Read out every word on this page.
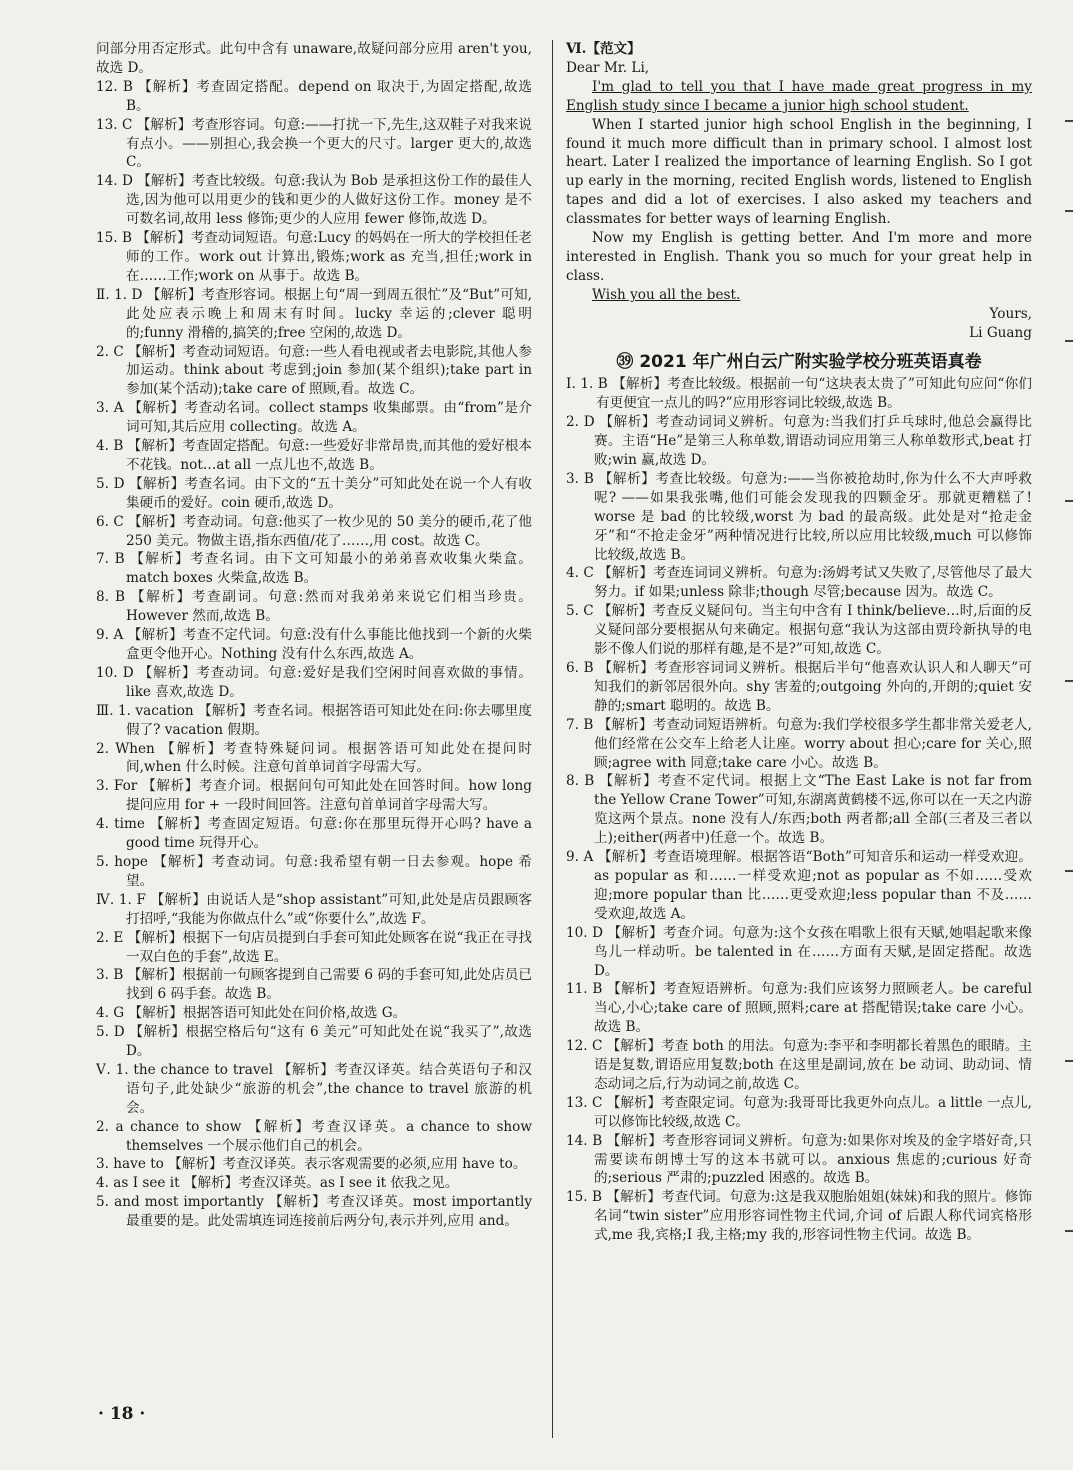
问部分用否定形式。此句中含有 unaware,故疑问部分应用 aren't you,故选 D。

12. B 【解析】考查固定搭配。depend on 取决于,为固定搭配,故选 B。

13. C 【解析】考查形容词。句意:——打扰一下,先生,这双鞋子对我来说有点小。——别担心,我会换一个更大的尺寸。larger 更大的,故选 C。

14. D 【解析】考查比较级。句意:我认为 Bob 是承担这份工作的最佳人选,因为他可以用更少的钱和更少的人做好这份工作。money 是不可数名词,故用 less 修饰;更少的人应用 fewer 修饰,故选 D。

15. B 【解析】考查动词短语。句意:Lucy 的妈妈在一所大的学校担任老师的工作。work out 计算出,锻炼;work as 充当,担任;work in 在……工作;work on 从事于。故选 B。

Ⅱ. 1. D 【解析】考查形容词。根据上句“周一到周五很忙”及“But”可知,此处应表示晚上和周末有时间。lucky 幸运的;clever 聪明的;funny 滑稽的,搞笑的;free 空闲的,故选 D。

2. C 【解析】考查动词短语。句意:一些人看电视或者去电影院,其他人参加运动。think about 考虑到;join 参加(某个组织);take part in 参加(某个活动);take care of 照顾,看。故选 C。

3. A 【解析】考查动名词。collect stamps 收集邮票。由“from”是介词可知,其后应用 collecting。故选 A。

4. B 【解析】考查固定搭配。句意:一些爱好非常昂贵,而其他的爱好根本不花钱。not…at all 一点儿也不,故选 B。

5. D 【解析】考查名词。由下文的“五十美分”可知此处在说一个人有收集硬币的爱好。coin 硬币,故选 D。

6. C 【解析】考查动词。句意:他买了一枚少见的 50 美分的硬币,花了他 250 美元。物做主语,指东西值/花了……,用 cost。故选 C。

7. B 【解析】考查名词。由下文可知最小的弟弟喜欢收集火柴盒。match boxes 火柴盒,故选 B。

8. B 【解析】考查副词。句意:然而对我弟弟来说它们相当珍贵。However 然而,故选 B。

9. A 【解析】考查不定代词。句意:没有什么事能比他找到一个新的火柴盒更令他开心。Nothing 没有什么东西,故选 A。

10. D 【解析】考查动词。句意:爱好是我们空闲时间喜欢做的事情。like 喜欢,故选 D。

Ⅲ. 1. vacation 【解析】考查名词。根据答语可知此处在问:你去哪里度假了? vacation 假期。

2. When 【解析】考查特殊疑问词。根据答语可知此处在提问时间,when 什么时候。注意句首单词首字母需大写。

3. For 【解析】考查介词。根据问句可知此处在回答时间。how long 提问应用 for + 一段时间回答。注意句首单词首字母需大写。

4. time 【解析】考查固定短语。句意:你在那里玩得开心吗? have a good time 玩得开心。

5. hope 【解析】考查动词。句意:我希望有朝一日去参观。hope 希望。

Ⅳ. 1. F 【解析】由说话人是“shop assistant”可知,此处是店员跟顾客打招呼,“我能为你做点什么”或“你要什么”,故选 F。

2. E 【解析】根据下一句店员提到白手套可知此处顾客在说“我正在寻找一双白色的手套”,故选 E。

3. B 【解析】根据前一句顾客提到自己需要 6 码的手套可知,此处店员已找到 6 码手套。故选 B。

4. G 【解析】根据答语可知此处在问价格,故选 G。

5. D 【解析】根据空格后句“这有 6 美元”可知此处在说“我买了”,故选 D。

Ⅴ. 1. the chance to travel 【解析】考查汉译英。结合英语句子和汉语句子,此处缺少“旅游的机会”,the chance to travel 旅游的机会。

2. a chance to show 【解析】考查汉译英。a chance to show themselves 一个展示他们自己的机会。

3. have to 【解析】考查汉译英。表示客观需要的必须,应用 have to。

4. as I see it 【解析】考查汉译英。as I see it 依我之见。

5. and most importantly 【解析】考查汉译英。most importantly 最重要的是。此处需填连词连接前后两分句,表示并列,应用 and。

Ⅵ.【范文】

Dear Mr. Li,

I'm glad to tell you that I have made great progress in my English study since I became a junior high school student.

When I started junior high school English in the beginning, I found it much more difficult than in primary school. I almost lost heart. Later I realized the importance of learning English. So I got up early in the morning, recited English words, listened to English tapes and did a lot of exercises. I also asked my teachers and classmates for better ways of learning English.

Now my English is getting better. And I'm more and more interested in English. Thank you so much for your great help in class.

Wish you all the best.

Yours,

Li Guang

㊴ 2021 年广州白云广附实验学校分班英语真卷

Ⅰ. 1. B 【解析】考查比较级。根据前一句“这块表太贵了”可知此句应问“你们有更便宜一点儿的吗?”应用形容词比较级,故选 B。

2. D 【解析】考查动词词义辨析。句意为:当我们打乒乓球时,他总会赢得比赛。主语“He”是第三人称单数,谓语动词应用第三人称单数形式,beat 打败;win 赢,故选 D。

3. B 【解析】考查比较级。句意为:——当你被抢劫时,你为什么不大声呼救呢? ——如果我张嘴,他们可能会发现我的四颗金牙。那就更糟糕了! worse 是 bad 的比较级,worst 为 bad 的最高级。此处是对“抢走金牙”和“不抢走金牙”两种情况进行比较,所以应用比较级,much 可以修饰比较级,故选 B。

4. C 【解析】考查连词词义辨析。句意为:汤姆考试又失败了,尽管他尽了最大努力。if 如果;unless 除非;though 尽管;because 因为。故选 C。

5. C 【解析】考查反义疑问句。当主句中含有 I think/believe…时,后面的反义疑问部分要根据从句来确定。根据句意“我认为这部由贾玲新执导的电影不像人们说的那样有趣,是不是?”可知,故选 C。

6. B 【解析】考查形容词词义辨析。根据后半句“他喜欢认识人和人聊天”可知我们的新邻居很外向。shy 害羞的;outgoing 外向的,开朗的;quiet 安静的;smart 聪明的。故选 B。

7. B 【解析】考查动词短语辨析。句意为:我们学校很多学生都非常关爱老人,他们经常在公交车上给老人让座。worry about 担心;care for 关心,照顾;agree with 同意;take care 小心。故选 B。

8. B 【解析】考查不定代词。根据上文“The East Lake is not far from the Yellow Crane Tower”可知,东湖离黄鹤楼不远,你可以在一天之内游览这两个景点。none 没有人/东西;both 两者都;all 全部(三者及三者以上);either(两者中)任意一个。故选 B。

9. A 【解析】考查语境理解。根据答语“Both”可知音乐和运动一样受欢迎。as popular as 和……一样受欢迎;not as popular as 不如……受欢迎;more popular than 比……更受欢迎;less popular than 不及……受欢迎,故选 A。

10. D 【解析】考查介词。句意为:这个女孩在唱歌上很有天赋,她唱起歌来像鸟儿一样动听。be talented in 在……方面有天赋,是固定搭配。故选 D。

11. B 【解析】考查短语辨析。句意为:我们应该努力照顾老人。be careful 当心,小心;take care of 照顾,照料;care at 搭配错误;take care 小心。故选 B。

12. C 【解析】考查 both 的用法。句意为:李平和李明都长着黑色的眼睛。主语是复数,谓语应用复数;both 在这里是副词,放在 be 动词、助动词、情态动词之后,行为动词之前,故选 C。

13. C 【解析】考查限定词。句意为:我哥哥比我更外向点儿。a little 一点儿,可以修饰比较级,故选 C。

14. B 【解析】考查形容词词义辨析。句意为:如果你对埃及的金字塔好奇,只需要读布朗博士写的这本书就可以。anxious 焦虑的;curious 好奇的;serious 严肃的;puzzled 困惑的。故选 B。

15. B 【解析】考查代词。句意为:这是我双胞胎姐姐(妹妹)和我的照片。修饰名词“twin sister”应用形容词性物主代词,介词 of 后跟人称代词宾格形式,me 我,宾格;I 我,主格;my 我的,形容词性物主代词。故选 B。

· 18 ·
